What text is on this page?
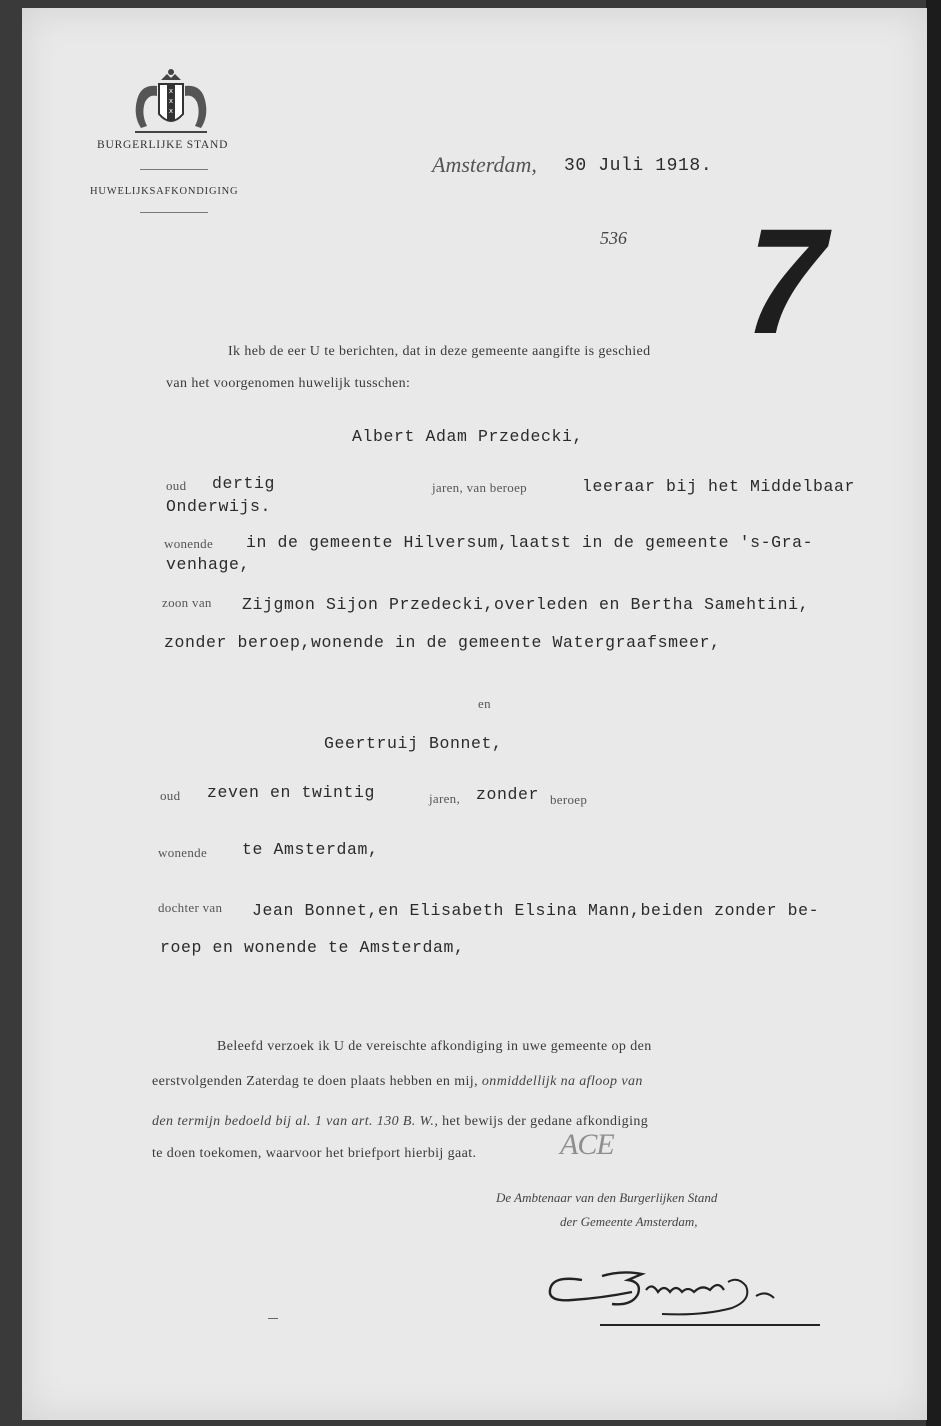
x
x
x
BURGERLIJKE STAND
HUWELIJKSAFKONDIGING
Amsterdam, 30 Juli 1918.
536 7
Ik heb de eer U te berichten, dat in deze gemeente aangifte is geschied
van het voorgenomen huwelijk tusschen:
Albert Adam Przedecki,
oud dertig	jaren, van beroep	leeraar bij het Middelbaar
Onderwijs.
wonende in de gemeente Hilversum,laatst in de gemeente 's-Gra-
venhage,
zoon van Zijgmon Sijon Przedecki,overleden en Bertha Samehtini,
zonder beroep,wonende in de gemeente Watergraafsmeer,
en
Geertruij Bonnet,
oud zeven en twintig	jaren, zonder beroep
wonende te Amsterdam,
dochter van Jean Bonnet,en Elisabeth Elsina Mann,beiden zonder be-
roep en wonende te Amsterdam,
Beleefd verzoek ik U de vereischte afkondiging in uwe gemeente op den
eerstvolgenden Zaterdag te doen plaats hebben en mij, onmiddellijk na afloop van
den termijn bedoeld bij al. 1 van art. 130 B. W., het bewijs der gedane afkondiging
te doen toekomen, waarvoor het briefport hierbij gaat.	ACE
De Ambtenaar van den Burgerlijken Stand
der Gemeente Amsterdam,
